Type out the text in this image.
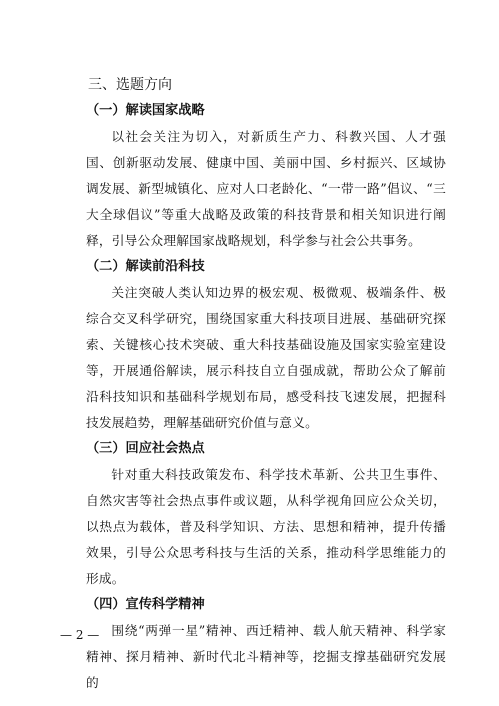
三、选题方向
（一）解读国家战略

以社会关注为切入，对新质生产力、科教兴国、人才强国、创新驱动发展、健康中国、美丽中国、乡村振兴、区域协调发展、新型城镇化、应对人口老龄化、“一带一路”倡议、“三大全球倡议”等重大战略及政策的科技背景和相关知识进行阐释，引导公众理解国家战略规划，科学参与社会公共事务。

（二）解读前沿科技

关注突破人类认知边界的极宏观、极微观、极端条件、极综合交叉科学研究，围绕国家重大科技项目进展、基础研究探索、关键核心技术突破、重大科技基础设施及国家实验室建设等，开展通俗解读，展示科技自立自强成就，帮助公众了解前沿科技知识和基础科学规划布局，感受科技飞速发展，把握科技发展趋势，理解基础研究价值与意义。

（三）回应社会热点

针对重大科技政策发布、科学技术革新、公共卫生事件、自然灾害等社会热点事件或议题，从科学视角回应公众关切，以热点为载体，普及科学知识、方法、思想和精神，提升传播效果，引导公众思考科技与生活的关系，推动科学思维能力的形成。

（四）宣传科学精神

围绕“两弹一星”精神、西迁精神、载人航天精神、科学家精神、探月精神、新时代北斗精神等，挖掘支撑基础研究发展的

— 2 —
